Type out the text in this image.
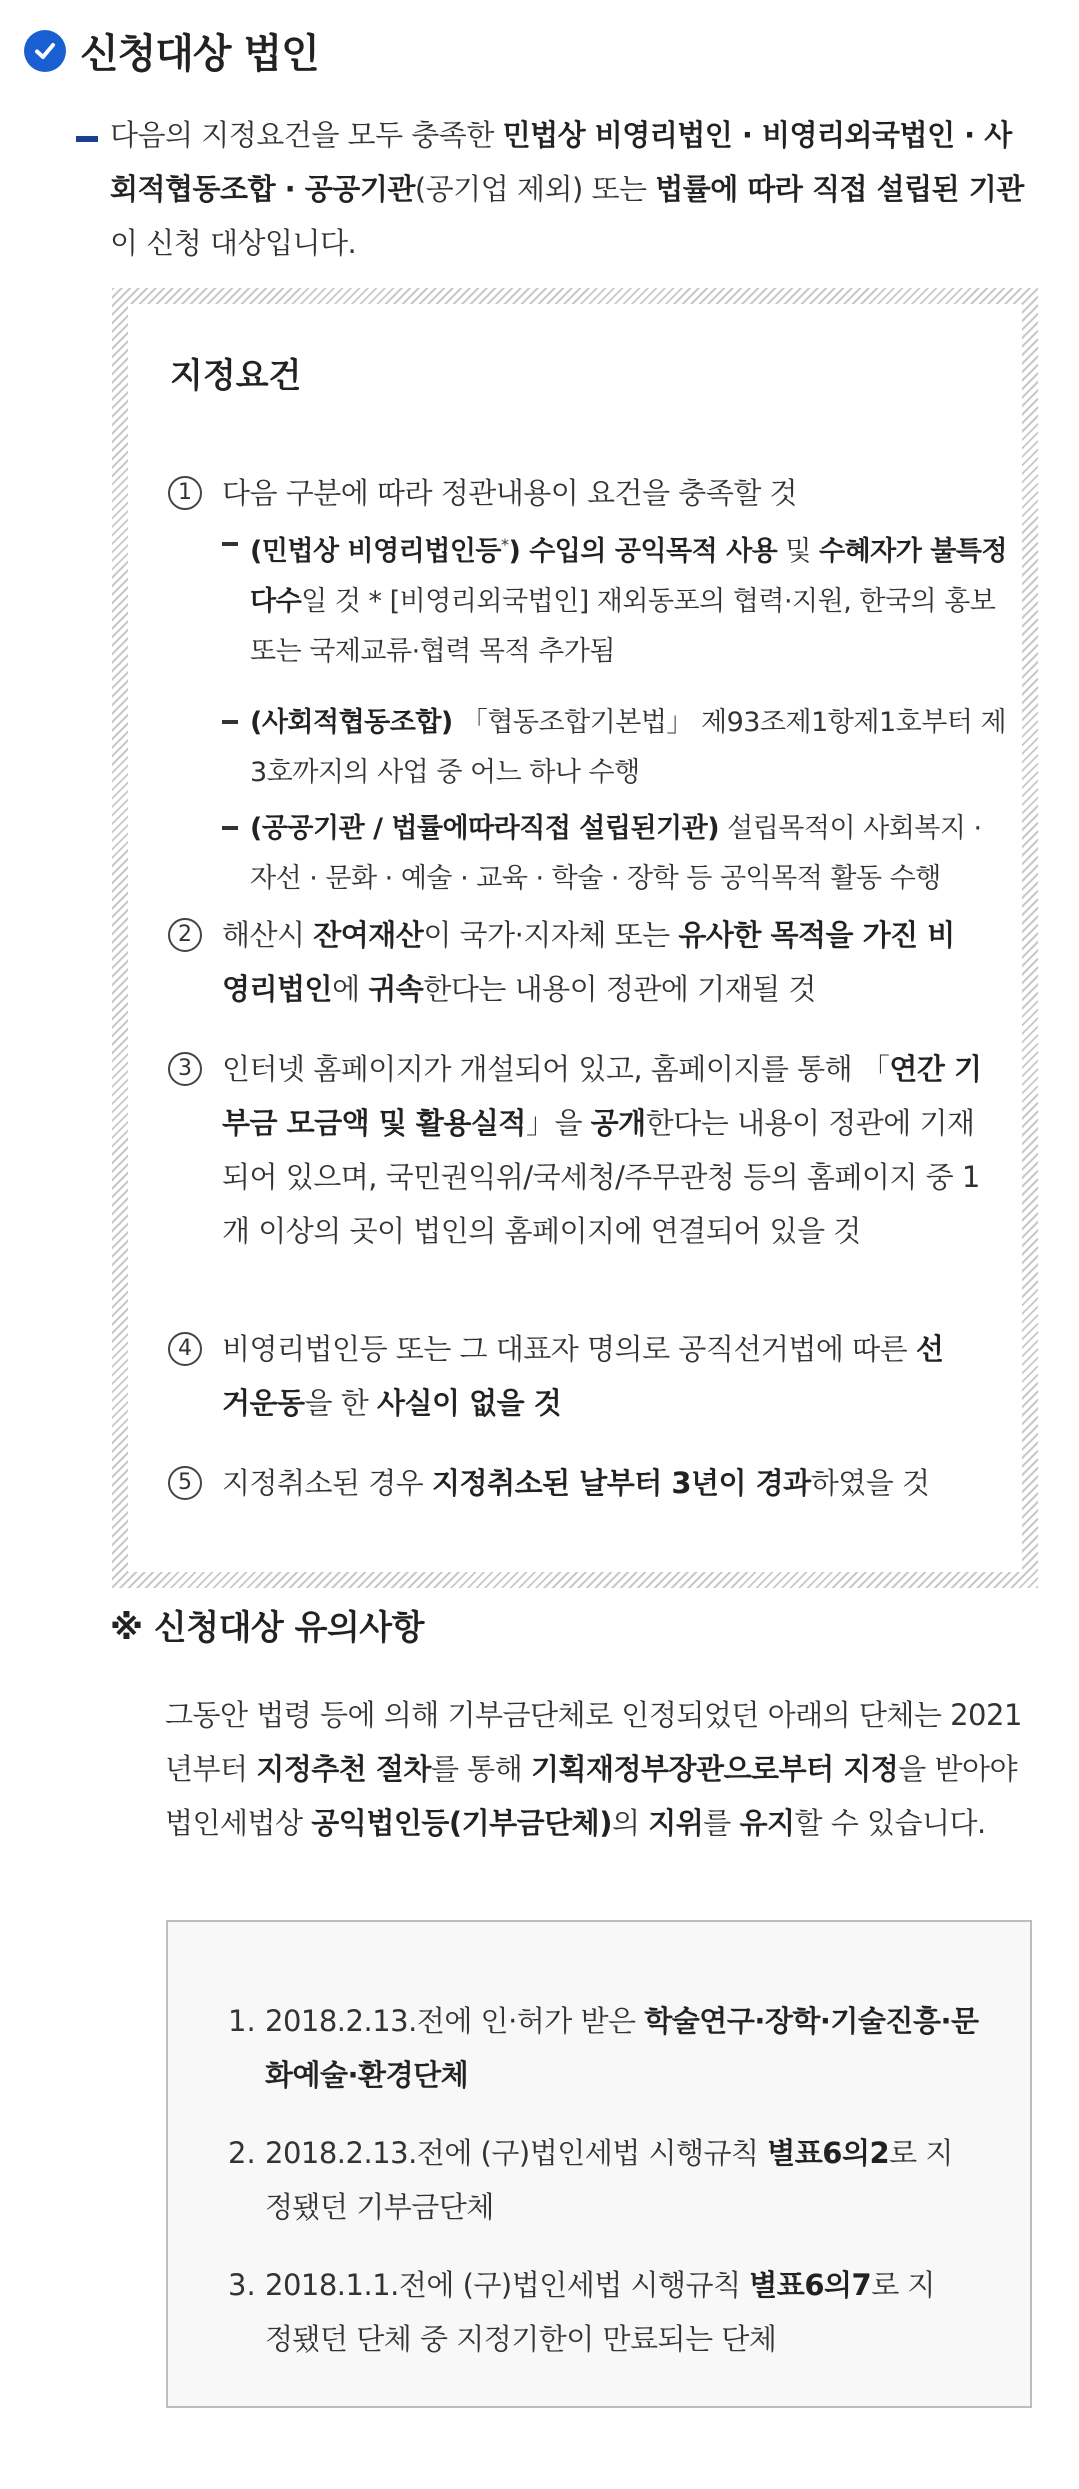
신청대상 법인
다음의 지정요건을 모두 충족한 민법상 비영리법인 · 비영리외국법인 · 사회적협동조합 · 공공기관(공기업 제외) 또는 법률에 따라 직접 설립된 기관이 신청 대상입니다.
지정요건
1	다음 구분에 따라 정관내용이 요건을 충족할 것
(민법상 비영리법인등*) 수입의 공익목적 사용 및 수혜자가 불특정다수일 것 * [비영리외국법인] 재외동포의 협력·지원, 한국의 홍보 또는 국제교류·협력 목적 추가됨
(사회적협동조합) 「협동조합기본법」 제93조제1항제1호부터 제3호까지의 사업 중 어느 하나 수행
(공공기관 / 법률에따라직접 설립된기관) 설립목적이 사회복지 · 자선 · 문화 · 예술 · 교육 · 학술 · 장학 등 공익목적 활동 수행
2	해산시 잔여재산이 국가·지자체 또는 유사한 목적을 가진 비영리법인에 귀속한다는 내용이 정관에 기재될 것
3	인터넷 홈페이지가 개설되어 있고, 홈페이지를 통해 「연간 기부금 모금액 및 활용실적」을 공개한다는 내용이 정관에 기재되어 있으며, 국민권익위/국세청/주무관청 등의 홈페이지 중 1개 이상의 곳이 법인의 홈페이지에 연결되어 있을 것
4	비영리법인등 또는 그 대표자 명의로 공직선거법에 따른 선거운동을 한 사실이 없을 것
5	지정취소된 경우 지정취소된 날부터 3년이 경과하였을 것
※ 신청대상 유의사항
그동안 법령 등에 의해 기부금단체로 인정되었던 아래의 단체는 2021년부터 지정추천 절차를 통해 기획재정부장관으로부터 지정을 받아야 법인세법상 공익법인등(기부금단체)의 지위를 유지할 수 있습니다.
1. 2018.2.13.전에 인·허가 받은 학술연구·장학·기술진흥·문화예술·환경단체
2. 2018.2.13.전에 (구)법인세법 시행규칙 별표6의2로 지정됐던 기부금단체
3. 2018.1.1.전에 (구)법인세법 시행규칙 별표6의7로 지정됐던 단체 중 지정기한이 만료되는 단체
